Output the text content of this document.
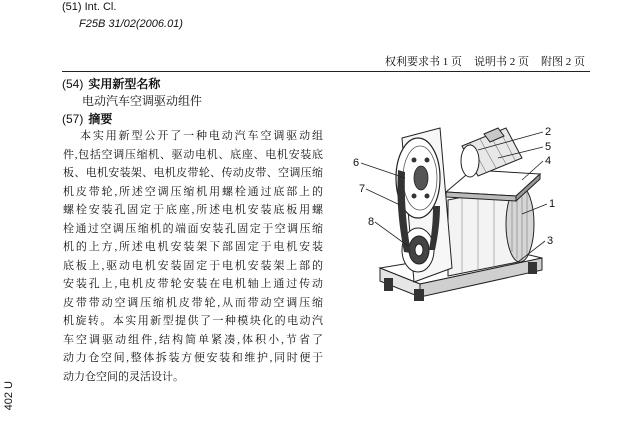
(51) Int. Cl.
F25B 31/02(2006.01)
权利要求书 1 页 说明书 2 页 附图 2 页
(54) 实用新型名称
电动汽车空调驱动组件
(57) 摘要
本实用新型公开了一种电动汽车空调驱动组
件,包括空调压缩机、驱动电机、底座、电机安装底
板、电机安装架、电机皮带轮、传动皮带、空调压缩
机皮带轮,所述空调压缩机用螺栓通过底部上的
螺栓安装孔固定于底座,所述电机安装底板用螺
栓通过空调压缩机的端面安装孔固定于空调压缩
机的上方,所述电机安装架下部固定于电机安装
底板上,驱动电机安装固定于电机安装架上部的
安装孔上,电机皮带轮安装在电机轴上通过传动
皮带带动空调压缩机皮带轮,从而带动空调压缩
机旋转。本实用新型提供了一种模块化的电动汽
车空调驱动组件,结构简单紧凑,体积小,节省了
动力仓空间,整体拆装方便安装和维护,同时便于
动力仓空间的灵活设计。
2
5
4
1
3
6
7
8
402 U
